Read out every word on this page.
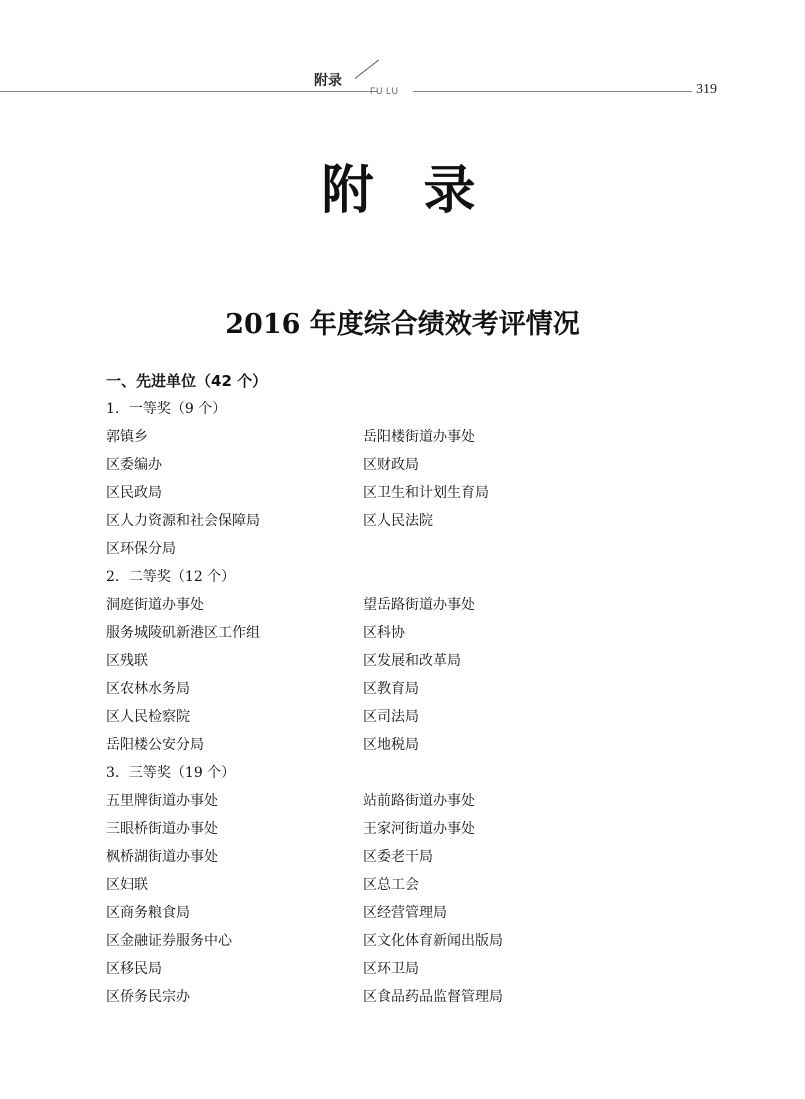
附录
FU LU	319
附录
2016 年度综合绩效考评情况
一、先进单位（42 个）
1．一等奖（9 个）
郭镇乡	岳阳楼街道办事处
区委编办	区财政局
区民政局	区卫生和计划生育局
区人力资源和社会保障局	区人民法院
区环保分局
2．二等奖（12 个）
洞庭街道办事处	望岳路街道办事处
服务城陵矶新港区工作组	区科协
区残联	区发展和改革局
区农林水务局	区教育局
区人民检察院	区司法局
岳阳楼公安分局	区地税局
3．三等奖（19 个）
五里牌街道办事处	站前路街道办事处
三眼桥街道办事处	王家河街道办事处
枫桥湖街道办事处	区委老干局
区妇联	区总工会
区商务粮食局	区经营管理局
区金融证券服务中心	区文化体育新闻出版局
区移民局	区环卫局
区侨务民宗办	区食品药品监督管理局
